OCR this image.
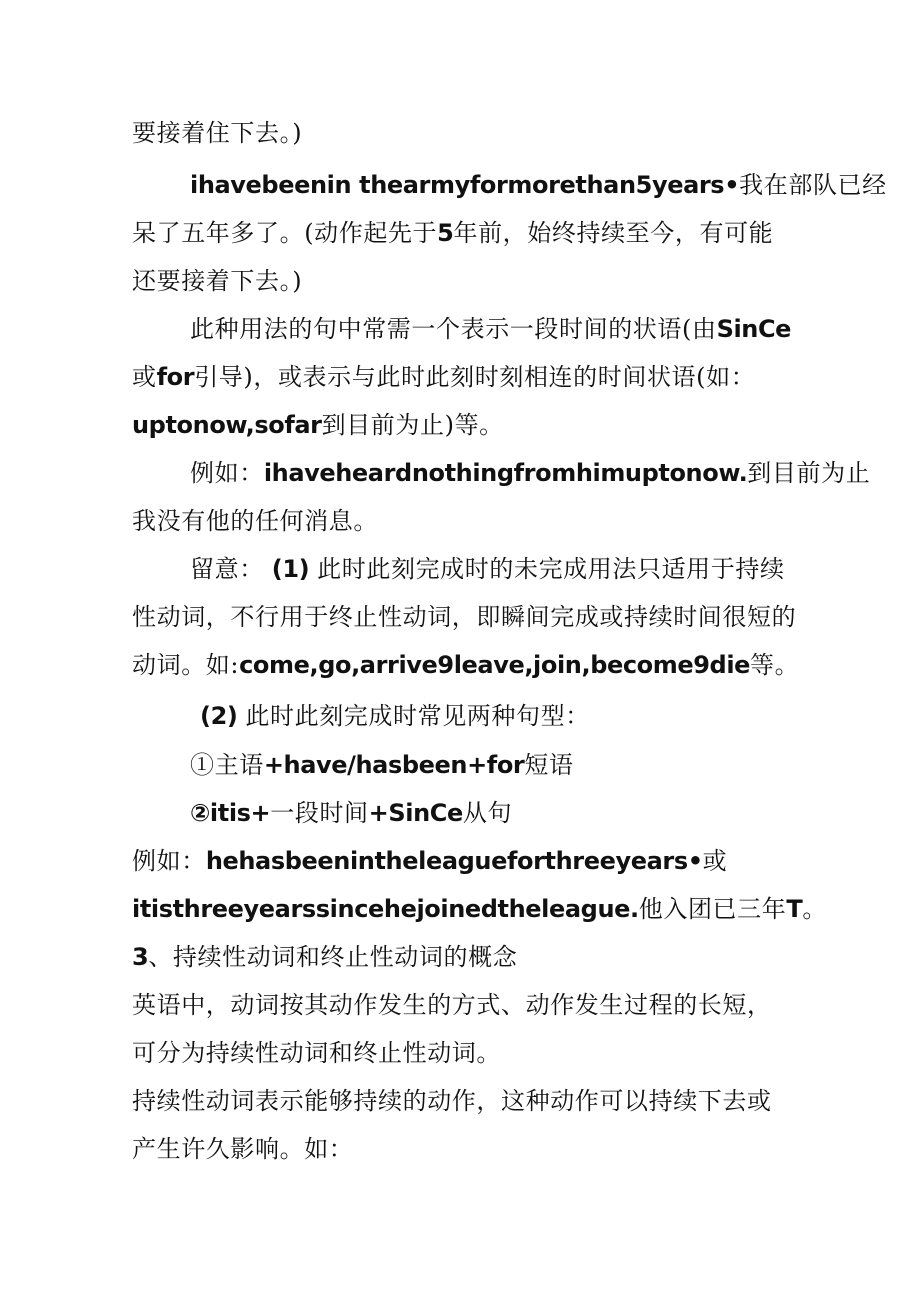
要接着住下去。)
ihavebeenin thearmyformorethan5years•我在部队已经
呆了五年多了。(动作起先于5年前，始终持续至今，有可能
还要接着下去。)
此种用法的句中常需一个表示一段时间的状语(由SinCe
或for引导)，或表示与此时此刻时刻相连的时间状语(如：
uptonow,sofar到目前为止)等。
例如：ihaveheardnothingfromhimuptonow.到目前为止
我没有他的任何消息。
留意： (1) 此时此刻完成时的未完成用法只适用于持续
性动词，不行用于终止性动词，即瞬间完成或持续时间很短的
动词。如:come,go,arrive9leave,join,become9die等。
(2) 此时此刻完成时常见两种句型：
①主语+have/hasbeen+for短语
②itis+一段时间+SinCe从句
例如：hehasbeenintheleagueforthreeyears•或
itisthreeyearssincehejoinedtheleague.他入团已三年T。
3、持续性动词和终止性动词的概念
英语中，动词按其动作发生的方式、动作发生过程的长短，
可分为持续性动词和终止性动词。
持续性动词表示能够持续的动作，这种动作可以持续下去或
产生许久影响。如：
